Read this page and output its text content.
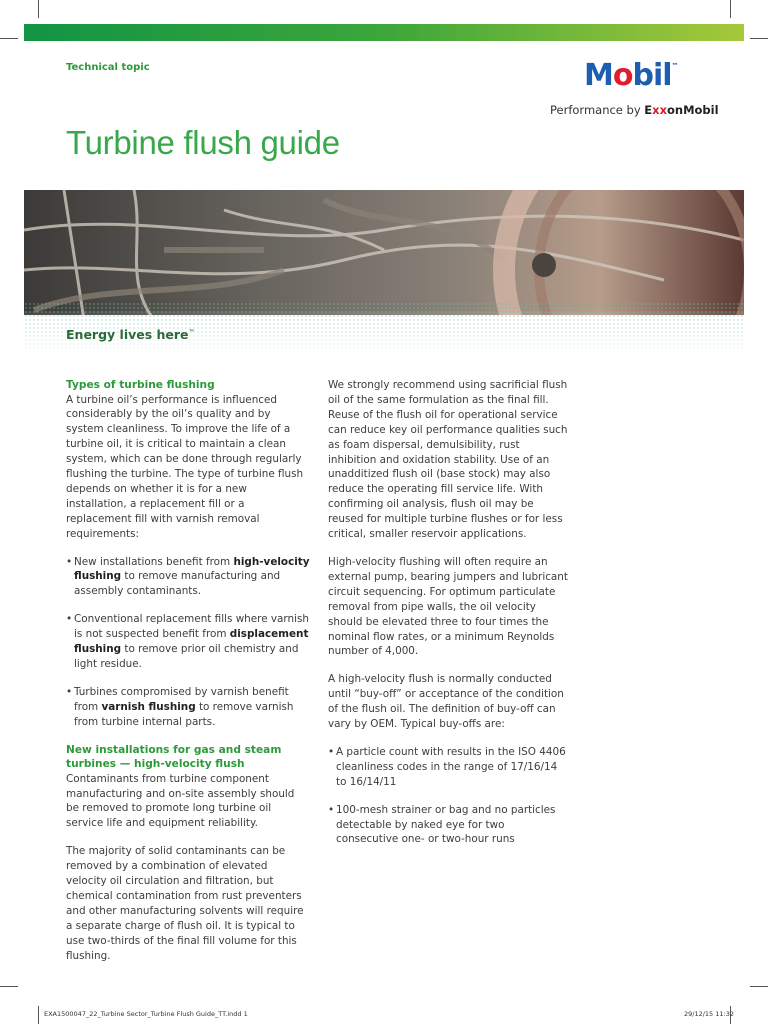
Technical topic	Mobil™
Performance by ExxonMobil
Turbine flush guide
Energy lives here™
Types of turbine flushing

A turbine oil’s performance is influenced considerably by the oil’s quality and by system cleanliness. To improve the life of a turbine oil, it is critical to maintain a clean system, which can be done through regularly flushing the turbine. The type of turbine flush depends on whether it is for a new installation, a replacement fill or a replacement fill with varnish removal requirements:

• New installations benefit from high-velocity flushing to remove manufacturing and assembly contaminants.
• Conventional replacement fills where varnish is not suspected benefit from displacement flushing to remove prior oil chemistry and light residue.
• Turbines compromised by varnish benefit from varnish flushing to remove varnish from turbine internal parts.
New installations for gas and steam turbines — high-velocity flush

Contaminants from turbine component manufacturing and on-site assembly should be removed to promote long turbine oil service life and equipment reliability.

The majority of solid contaminants can be removed by a combination of elevated velocity oil circulation and filtration, but chemical contamination from rust preventers and other manufacturing solvents will require a separate charge of flush oil. It is typical to use two-thirds of the final fill volume for this flushing.

We strongly recommend using sacrificial flush oil of the same formulation as the final fill. Reuse of the flush oil for operational service can reduce key oil performance qualities such as foam dispersal, demulsibility, rust inhibition and oxidation stability. Use of an unadditized flush oil (base stock) may also reduce the operating fill service life. With confirming oil analysis, flush oil may be reused for multiple turbine flushes or for less critical, smaller reservoir applications.

High-velocity flushing will often require an external pump, bearing jumpers and lubricant circuit sequencing. For optimum particulate removal from pipe walls, the oil velocity should be elevated three to four times the nominal flow rates, or a minimum Reynolds number of 4,000.

A high-velocity flush is normally conducted until “buy-off” or acceptance of the condition of the flush oil. The definition of buy-off can vary by OEM. Typical buy-offs are:

• A particle count with results in the ISO 4406 cleanliness codes in the range of 17/16/14 to 16/14/11
• 100-mesh strainer or bag and no particles detectable by naked eye for two consecutive one- or two-hour runs
EXA1500047_22_Turbine Sector_Turbine Flush Guide_TT.indd 1	29/12/15 11:32
